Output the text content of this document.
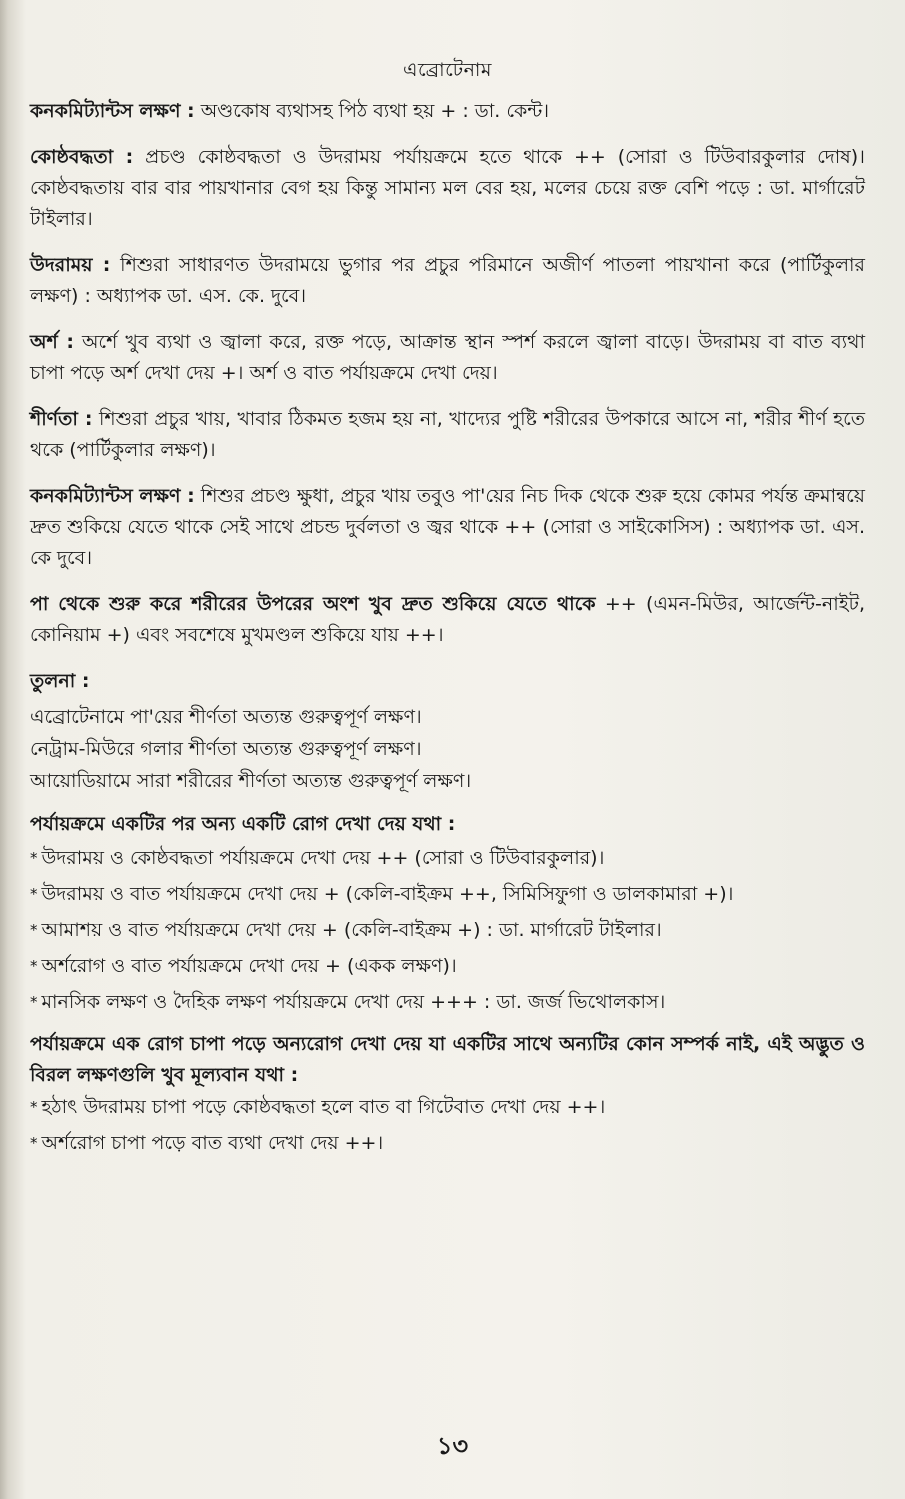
এব্রোটেনাম

কনকমিট্যান্টস লক্ষণ : অণ্ডকোষ ব্যথাসহ পিঠ ব্যথা হয় + : ডা. কেন্ট।

কোষ্ঠবদ্ধতা : প্রচণ্ড কোষ্ঠবদ্ধতা ও উদরাময় পর্যায়ক্রমে হতে থাকে ++ (সোরা ও টিউবারকুলার দোষ)। কোষ্ঠবদ্ধতায় বার বার পায়খানার বেগ হয় কিন্তু সামান্য মল বের হয়, মলের চেয়ে রক্ত বেশি পড়ে : ডা. মার্গারেট টাইলার।

উদরাময় : শিশুরা সাধারণত উদরাময়ে ভুগার পর প্রচুর পরিমানে অজীর্ণ পাতলা পায়খানা করে (পার্টিকুলার লক্ষণ) : অধ্যাপক ডা. এস. কে. দুবে।

অর্শ : অর্শে খুব ব্যথা ও জ্বালা করে, রক্ত পড়ে, আক্রান্ত স্থান স্পর্শ করলে জ্বালা বাড়ে। উদরাময় বা বাত ব্যথা চাপা পড়ে অর্শ দেখা দেয় +। অর্শ ও বাত পর্যায়ক্রমে দেখা দেয়।

শীর্ণতা : শিশুরা প্রচুর খায়, খাবার ঠিকমত হজম হয় না, খাদ্যের পুষ্টি শরীরের উপকারে আসে না, শরীর শীর্ণ হতে থকে (পার্টিকুলার লক্ষণ)।

কনকমিট্যান্টস লক্ষণ : শিশুর প্রচণ্ড ক্ষুধা, প্রচুর খায় তবুও পা'য়ের নিচ দিক থেকে শুরু হয়ে কোমর পর্যন্ত ক্রমান্বয়ে দ্রুত শুকিয়ে যেতে থাকে সেই সাথে প্রচন্ড দুর্বলতা ও জ্বর থাকে ++ (সোরা ও সাইকোসিস) : অধ্যাপক ডা. এস. কে দুবে।

পা থেকে শুরু করে শরীরের উপরের অংশ খুব দ্রুত শুকিয়ে যেতে থাকে ++ (এমন-মিউর, আর্জেন্ট-নাইট, কোনিয়াম +) এবং সবশেষে মুখমণ্ডল শুকিয়ে যায় ++।

তুলনা :

এব্রোটেনামে পা'য়ের শীর্ণতা অত্যন্ত গুরুত্বপূর্ণ লক্ষণ।

নেট্রাম-মিউরে গলার শীর্ণতা অত্যন্ত গুরুত্বপূর্ণ লক্ষণ।

আয়োডিয়ামে সারা শরীরের শীর্ণতা অত্যন্ত গুরুত্বপূর্ণ লক্ষণ।

পর্যায়ক্রমে একটির পর অন্য একটি রোগ দেখা দেয় যথা :

* উদরাময় ও কোষ্ঠবদ্ধতা পর্যায়ক্রমে দেখা দেয় ++ (সোরা ও টিউবারকুলার)।

* উদরাময় ও বাত পর্যায়ক্রমে দেখা দেয় + (কেলি-বাইক্রম ++, সিমিসিফুগা ও ডালকামারা +)।

* আমাশয় ও বাত পর্যায়ক্রমে দেখা দেয় + (কেলি-বাইক্রম +) : ডা. মার্গারেট টাইলার।

* অর্শরোগ ও বাত পর্যায়ক্রমে দেখা দেয় + (একক লক্ষণ)।

* মানসিক লক্ষণ ও দৈহিক লক্ষণ পর্যায়ক্রমে দেখা দেয় +++ : ডা. জর্জ ভিথোলকাস।

পর্যায়ক্রমে এক রোগ চাপা পড়ে অন্যরোগ দেখা দেয় যা একটির সাথে অন্যটির কোন সম্পর্ক নাই, এই অদ্ভুত ও বিরল লক্ষণগুলি খুব মূল্যবান যথা :

* হঠাৎ উদরাময় চাপা পড়ে কোষ্ঠবদ্ধতা হলে বাত বা গিটেবাত দেখা দেয় ++।

* অর্শরোগ চাপা পড়ে বাত ব্যথা দেখা দেয় ++।

১৩
